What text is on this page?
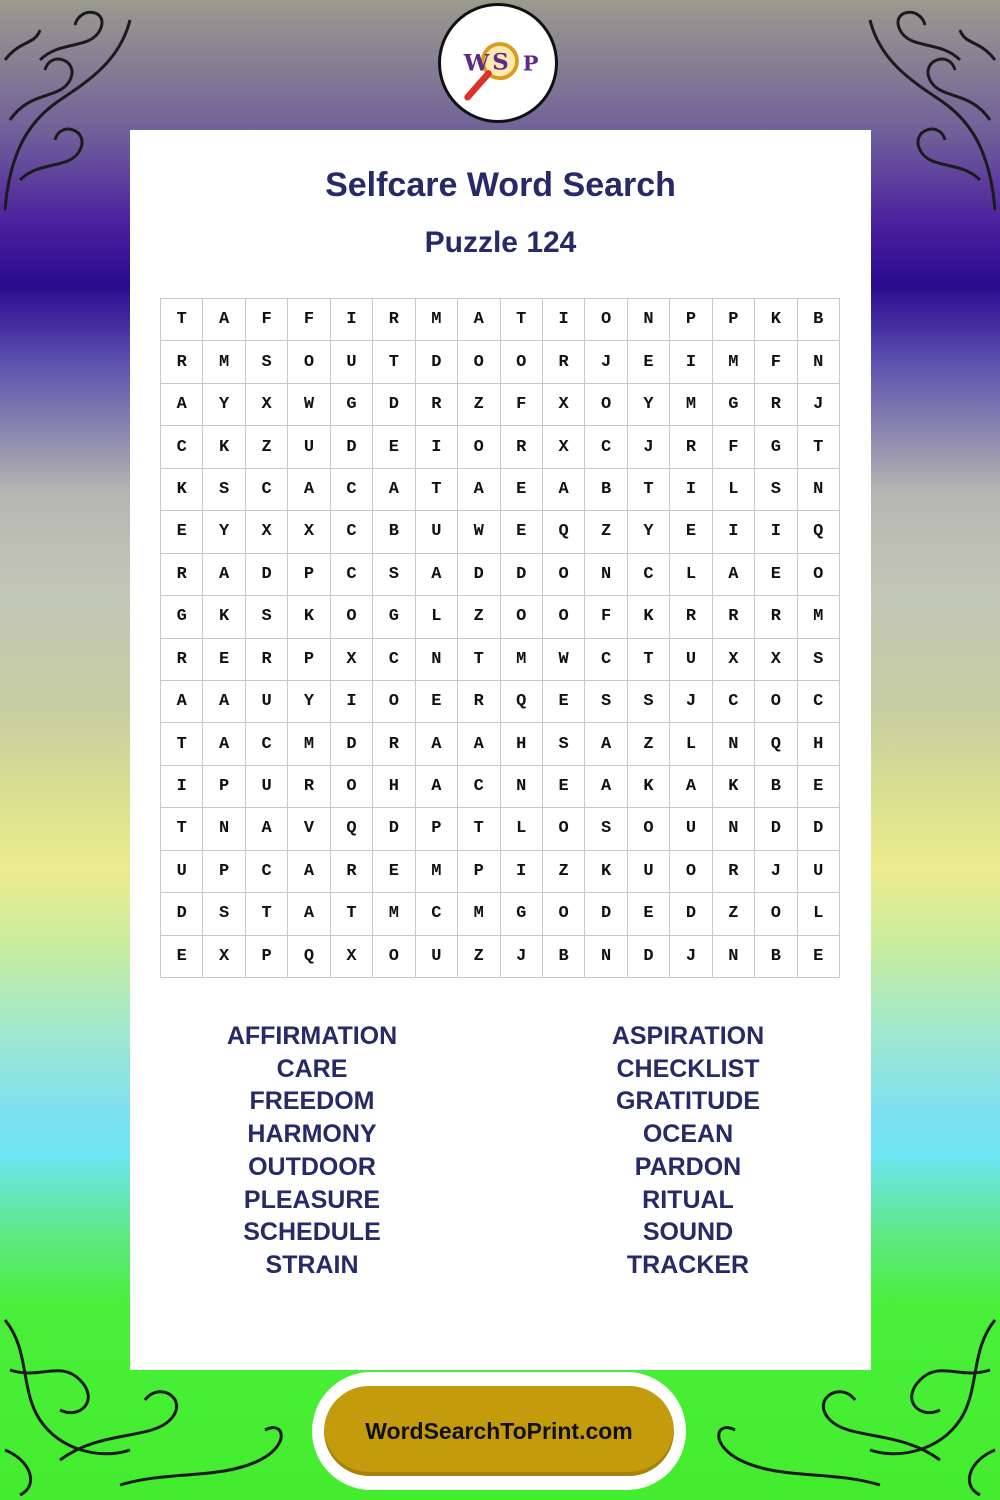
W S P
Selfcare Word Search
Puzzle 124
T	A	F	F	I	R	M	A	T	I	O	N	P	P	K	B
R	M	S	O	U	T	D	O	O	R	J	E	I	M	F	N
A	Y	X	W	G	D	R	Z	F	X	O	Y	M	G	R	J
C	K	Z	U	D	E	I	O	R	X	C	J	R	F	G	T
K	S	C	A	C	A	T	A	E	A	B	T	I	L	S	N
E	Y	X	X	C	B	U	W	E	Q	Z	Y	E	I	I	Q
R	A	D	P	C	S	A	D	D	O	N	C	L	A	E	O
G	K	S	K	O	G	L	Z	O	O	F	K	R	R	R	M
R	E	R	P	X	C	N	T	M	W	C	T	U	X	X	S
A	A	U	Y	I	O	E	R	Q	E	S	S	J	C	O	C
T	A	C	M	D	R	A	A	H	S	A	Z	L	N	Q	H
I	P	U	R	O	H	A	C	N	E	A	K	A	K	B	E
T	N	A	V	Q	D	P	T	L	O	S	O	U	N	D	D
U	P	C	A	R	E	M	P	I	Z	K	U	O	R	J	U
D	S	T	A	T	M	C	M	G	O	D	E	D	Z	O	L
E	X	P	Q	X	O	U	Z	J	B	N	D	J	N	B	E
AFFIRMATION
CARE
FREEDOM
HARMONY
OUTDOOR
PLEASURE
SCHEDULE
STRAIN
ASPIRATION
CHECKLIST
GRATITUDE
OCEAN
PARDON
RITUAL
SOUND
TRACKER
WordSearchToPrint.com
